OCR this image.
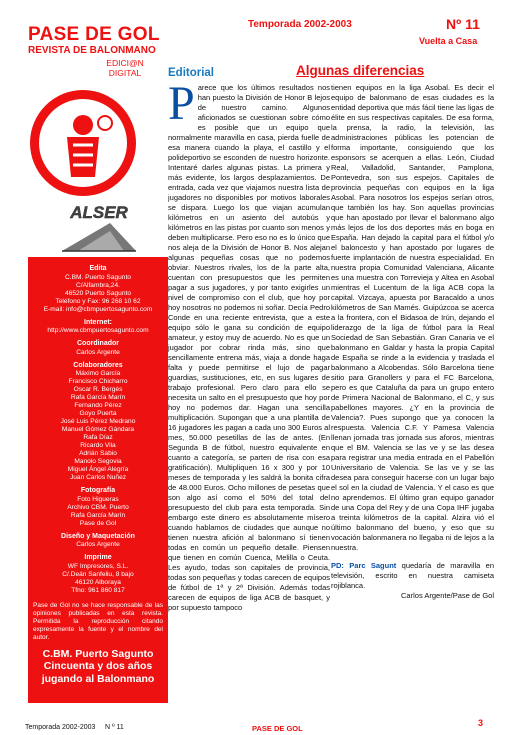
PASE DE GOL
REVISTA DE BALONMANO
EDICI@N
DIGITAL
Temporada 2002-2003	Nº 11
Vuelta a Casa
ALSER
Edita
C.BM. Puerto Sagunto
C/Alfambra,24.
46520 Puerto Sagunto
Teléfono y Fax: 96 268 10 62
E-mail: info@cbmpuertosagunto.com
Internet:
http://www.cbmpuertosagunto.com
Coordinador
Carlos Argente
Colaboradores
Máximo García
Francisco Chicharro
Oscar R. Bergés
Rafa García Marín
Fernando Pérez
Goyo Puerta
José Luis Pérez Medrano
Manuel Gómez Gándara
Rafa Díaz
Ricardo Vila
Adrián Sabio
Manolo Segovia
Miguel Ángel Alegría
Juan Carlos Nuñez
Fotografía
Foto Higueras
Archivo CBM. Puerto
Rafa García Marín
Pase de Gol
Diseño y Maquetación
Carlos Argente
Imprime
WF Impresores, S.L.
C/.Deán Sanfeliu, 8 bajo
46120 Alboraya
Tfno: 961 860 817
Pase de Gol no se hace responsable de las opiniones publicadas en esta revista. Permitida la reproducción citando expresamente la fuente y el nombre del autor.
C.BM. Puerto Sagunto Cincuenta y dos años jugando al Balonmano
Editorial	Algunas diferencias
P arece que los últimos resultados nos han puesto la División de Honor B lejos de nuestro camino. Algunos aficionados se cuestionan sobre cómo es posible que un equipo que normalmente maravilla en casa, pierda fuelle de esa manera cuando la playa, el castillo y el polideportivo se esconden de nuestro horizonte. Intentaré darles algunas pistas. La primera y más evidente, los largos desplazamientos. De entrada, cada vez que viajamos nuestra lista de jugadores no disponibles por motivos laborales se dispara. Luego los que viajan acumulan kilómetros en un asiento del autobús y kilómetros en las pistas por cuanto son menos y deben multiplicarse. Pero eso no es lo único que nos aleja de la División de Honor B. Nos alejan algunas pequeñas cosas que no podemos obviar. Nuestros rivales, los de la parte alta, cuentan con presupuestos que les permiten pagar a sus jugadores, y por tanto exigirles un nivel de compromiso con el club, que hoy por hoy nosotros no podemos ni soñar. Decía Pedro Conde en una reciente entrevista, que a este equipo sólo le gana su condición de equipo amateur, y estoy muy de acuerdo. No es que un jugador por cobrar rinda más, sino que sencillamente entrena más, viaja a donde haga falta y puede permitirse el lujo de pagar guardias, sustituciones, etc, en sus lugares de trabajo profesional. Pero claro para ello se necesita un salto en el presupuesto que hoy por hoy no podemos dar. Hagan una sencilla multiplicación. Supongan que a una plantilla de 16 jugadores les pagan a cada uno 300 Euros al mes, 50.000 pesetillas de las de antes. (En Segunda B de fútbol, nuestro equivalente en cuanto a categoría, se parten de risa con esa gratificación). Multipliquen 16 x 300 y por 10 meses de temporada y les saldrá la bonita cifra de 48.000 Euros. Ocho millones de pesetas que son algo así como el 50% del total del presupuesto del club para esta temporada. Sin embargo este dinero es absolutamente mísero cuando hablamos de ciudades que aunque no tienen nuestra afición al balonmano sí tienen todas en común un pequeño detalle. Piensen que tienen en común Cuenca, Melilla o Ceuta. Les ayudo, todas son capitales de provincia, todas son pequeñas y todas carecen de equipos de fútbol de 1ª y 2ª División. Además todas carecen de equipos de liga ACB de basquet, y por supuesto tampoco

tienen equipos en la liga Asobal. Es decir el equipo de balonmano de esas ciudades es la entidad deportiva que más fácil tiene las ligas de élite en sus respectivas capitales. De esa forma, la prensa, la radio, la televisión, las administraciones públicas les potencian de forma importante, consiguiendo que los esponsors se acerquen a ellas. León, Ciudad Real, Valladolid, Santander, Pamplona, Pontevedra, son sus espejos. Capitales de provincia pequeñas con equipos en la liga Asobal. Para nosotros los espejos serían otros, que también los hay. Son aquellas provincias que han apostado por llevar el balonmano algo más lejos de los dos deportes más en boga en España. Han dejado la capital para el fútbol y/o el baloncesto y han apostado por lugares de fuerte implantación de nuestra especialidad. En nuestra propia Comunidad Valenciana, Alicante es una muestra con Torrevieja y Altea en Asobal mientras el Lucentum de la liga ACB copa la capital. Vizcaya, apuesta por Baracaldo a unos kilómetros de San Mamés. Guipúzcoa se acerca a la frontera, con el Bidasoa de Irún, dejando el liderazgo de la liga de fútbol para la Real Sociedad de San Sebastián. Gran Canaria ve el balonmano en Galdar y hasta la propia Capital de España se rinde a la evidencia y traslada el balonmano a Alcobendas. Sólo Barcelona tiene sitio para Granollers y para el FC Barcelona, pero es que Cataluña da para un grupo entero de Primera Nacional de Balonmano, el C, y sus pabellones mayores. ¿Y en la provincia de Valencia?. Pues supongo que ya conocen la respuesta. Valencia C.F. Y Pamesa Valencia llenan jornada tras jornada sus aforos, mientras que el BM. Valencia se las ve y se las desea para registrar una media entrada en el Pabellón Universitario de Valencia. Se las ve y se las desea para conseguir hacerse con un lugar bajo el sol en la ciudad de Valencia. Y el caso es que no aprendemos. El último gran equipo ganador de una Copa del Rey y de una Copa IHF jugaba a treinta kilómetros de la capital. Alzira vió el último balonmano del bueno, y eso que su vocación balonmanera no llegaba ni de lejos a la nuestra.

PD: Parc Sagunt quedaría de maravilla en televisión, escrito en nuestra camiseta rojiblanca.

Carlos Argente/Pase de Gol

Temporada 2002-2003 N º 11	PASE DE GOL
3
